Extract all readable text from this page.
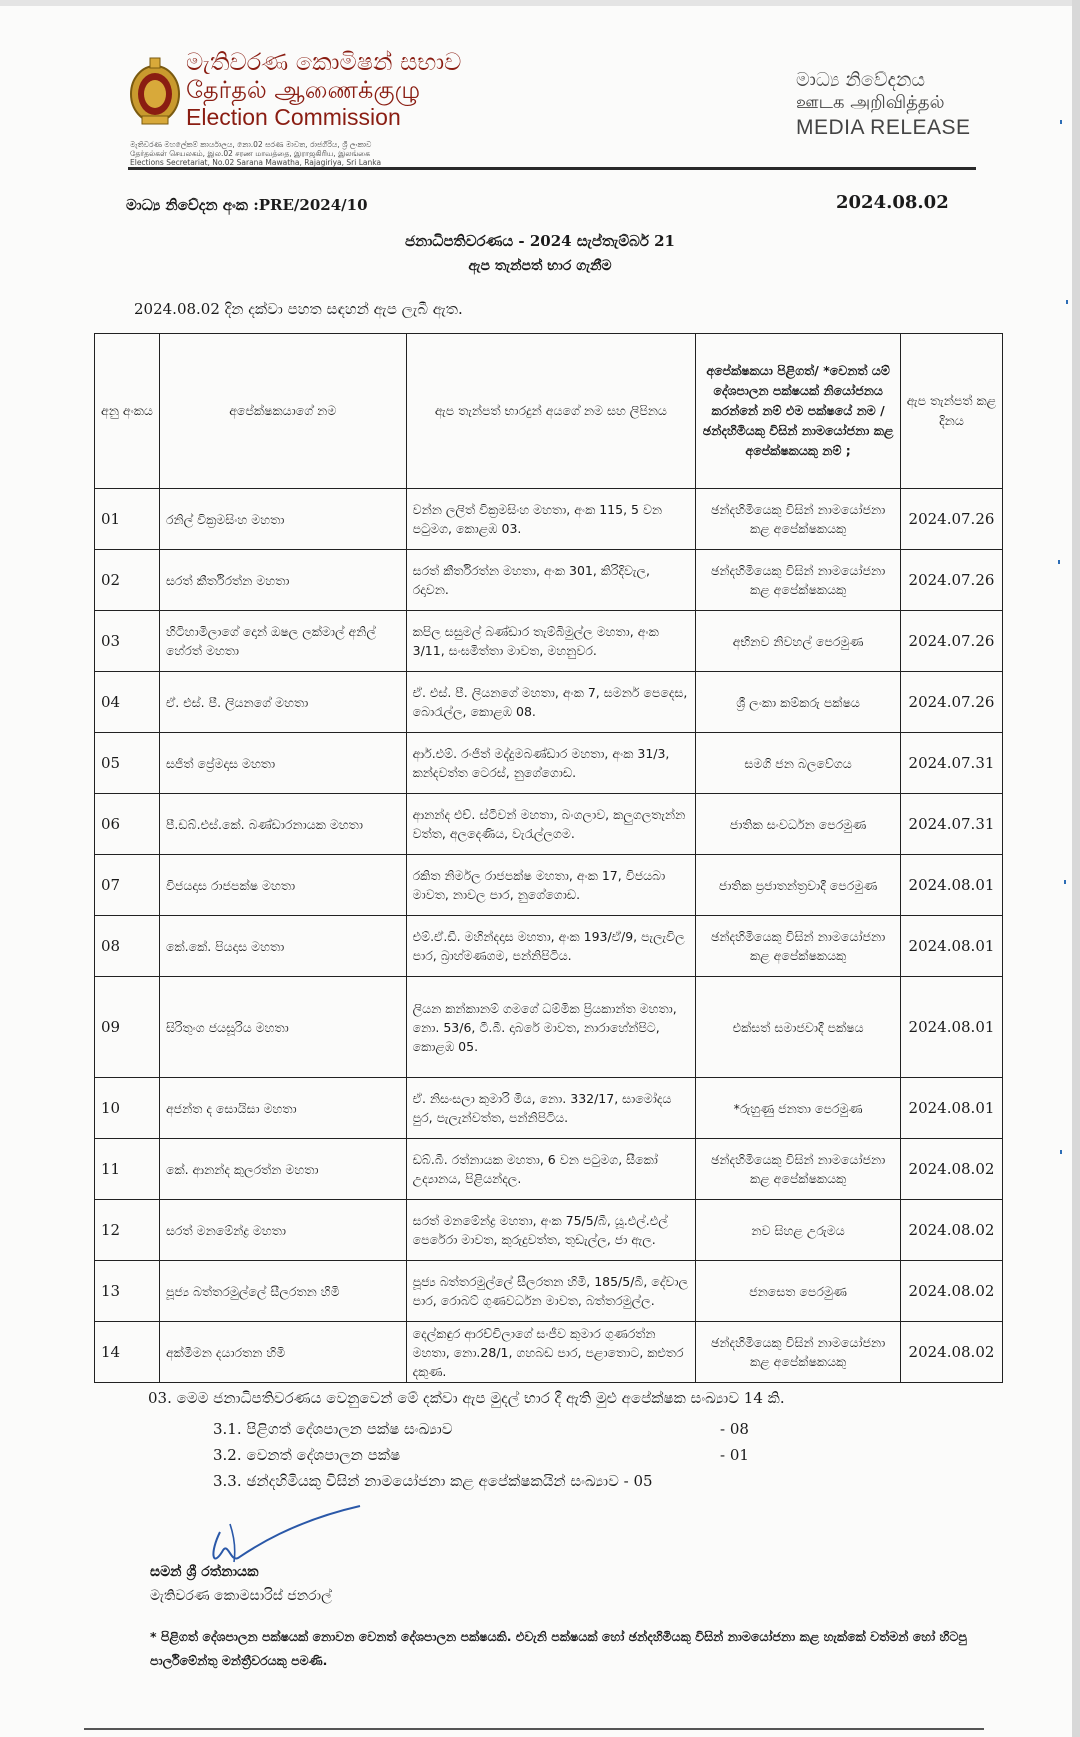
මැතිවරණ කොමිෂන් සභාව
தேர்தல் ஆணைக்குழு
Election Commission
මැතිවරණ මහලේකම් කාර්යාලය, නො.02 සරණ මාවත, රාජගිරිය, ශ්‍රී ලංකාව
தேர்தல்கள் செயலகம், இல.02 சரண மாவத்தை, இராஜகிரிய, இலங்கை
Elections Secretariat, No.02 Sarana Mawatha, Rajagiriya, Sri Lanka
මාධ්‍ය නිවේදනය
ஊடக அறிவித்தல்
MEDIA RELEASE
මාධ්‍ය නිවේදන අංක :PRE/2024/10	2024.08.02
ජනාධිපතිවරණය - 2024 සැප්තැම්බර් 21
ඇප තැන්පත් භාර ගැනීම
2024.08.02 දින දක්වා පහත සඳහන් ඇප ලැබී ඇත.
අනු අංකය	අපේක්ෂකයාගේ නම	ඇප තැන්පත් භාරදුන් අයගේ නම සහ ලිපිනය	අපේක්ෂකයා පිළිගත්/ *වෙනත් යම් දේශපාලන පක්ෂයක් නියෝජනය කරන්නේ නම් එම පක්ෂයේ නම / ඡන්දහිමියකු විසින් නාමයෝජනා කළ අපේක්ෂකයකු නම් ;	ඇප තැන්පත් කළ දිනය
01	රනිල් වික්‍රමසිංහ මහතා	වන්න ලලිත් වික්‍රමසිංහ මහතා, අංක 115, 5 වන පටුමග, කොළඹ 03.	ඡන්දහිමියෙකු විසින් නාමයෝජනා කළ අපේක්ෂකයකු	2024.07.26
02	සරත් කීර්තිරත්න මහතා	සරත් කීර්තිරත්න මහතා, අංක 301, කිරිදිවැල, රදාවන.	ඡන්දහිමියෙකු විසින් නාමයෝජනා කළ අපේක්ෂකයකු	2024.07.26
03	හිටිහාමිලාගේ දොන් ඔෂල ලක්මාල් අනිල් හේරත් මහතා	කපිල සසුමල් බණ්ඩාර තැම්බිමුල්ල මහතා, අංක 3/11, සංඝමිත්තා මාවත, මහනුවර.	අභිනව නිවහල් පෙරමුණ	2024.07.26
04	ඒ. එස්. පී. ලියනගේ මහතා	ඒ. එස්. පී. ලියනගේ මහතා, අංක 7, සමනර් පෙදෙස, බොරැල්ල, කොළඹ 08.	ශ්‍රී ලංකා කම්කරු පක්ෂය	2024.07.26
05	සජිත් ප්‍රේමදාස මහතා	ආර්.එම්. රංජිත් මද්දුමබණ්ඩාර මහතා, අංක 31/3, කන්දවත්ත ටෙරස්, නුගේගොඩ.	සමගි ජන බලවේගය	2024.07.31
06	පී.ඩබ්.එස්.කේ. බණ්ඩාරනායක මහතා	ආනන්ද එච්. ස්ටීවන් මහතා, බංගලාව, කලුගලතැන්න වත්ත, අලදෙණිය, වැරැල්ලගම.	ජාතික සංවර්ධන පෙරමුණ	2024.07.31
07	විජයදාස රාජපක්ෂ මහතා	රකිත නිර්මල රාජපක්ෂ මහතා, අංක 17, විජයබා මාවත, නාවල පාර, නුගේගොඩ.	ජාතික ප්‍රජාතන්ත්‍රවාදී පෙරමුණ	2024.08.01
08	කේ.කේ. පියදාස මහතා	එම්.ඒ.ඩී. මහින්දදාස මහතා, අංක 193/ඒ/9, පැලැවිල පාර, බ්‍රාහ්මණගම, පන්නිපිටිය.	ඡන්දහිමියෙකු විසින් නාමයෝජනා කළ අපේක්ෂකයකු	2024.08.01
09	සිරිතුංග ජයසූරිය මහතා	ලියන කන්කානම් ගමගේ ධම්මික ප්‍රියකාන්ත මහතා, නො. 53/6, ටී.බී. දාබරේ මාවත, නාරාහේන්පිට, කොළඹ 05.	එක්සත් සමාජවාදී පක්ෂය	2024.08.01
10	අජන්ත ද සොයිසා මහතා	ඒ. නිසංසලා කුමාරි මිය, නො. 332/17, සාමෝදය පුර, පැලැන්වත්ත, පන්නිපිටිය.	*රුහුණු ජනතා පෙරමුණ	2024.08.01
11	කේ. ආනන්ද කුලරත්න මහතා	ඩබ්.බී. රත්නායක මහතා, 6 වන පටුමග, සීකෝ උද්‍යානය, පිළියන්දල.	ඡන්දහිමියෙකු විසින් නාමයෝජනා කළ අපේක්ෂකයකු	2024.08.02
12	සරත් මනමේන්ද්‍ර මහතා	සරත් මනමේන්ද්‍ර මහතා, අංක 75/5/බී, යූ.එල්.එල් පෙරේරා මාවත, කුරුදුවත්ත, තුඩැල්ල, ජා ඇල.	නව සිහළ උරුමය	2024.08.02
13	පූජ්‍ය බත්තරමුල්ලේ සීලරතන හිමි	පූජ්‍ය බත්තරමුල්ලේ සීලරතන හිමි, 185/5/බී, දේවාල පාර, රොබට් ගුණවර්ධන මාවත, බත්තරමුල්ල.	ජනසෙත පෙරමුණ	2024.08.02
14	අක්මීමන දයාරතන හිමි	දෙල්කඳුර ආරච්චිලාගේ සංජීව කුමාර ගුණරත්න මහතා, නො.28/1, ගහබඩ පාර, පළාතොට, කළුතර දකුණ.	ඡන්දහිමියෙකු විසින් නාමයෝජනා කළ අපේක්ෂකයකු	2024.08.02
03. මෙම ජනාධිපතිවරණය වෙනුවෙන් මේ දක්වා ඇප මුදල් භාර දී ඇති මුළු අපේක්ෂක සංඛ්‍යාව 14 කි.
3.1. පිළිගත් දේශපාලන පක්ෂ සංඛ්‍යාව	- 08
3.2. වෙනත් දේශපාලන පක්ෂ	- 01
3.3. ඡන්දහිමියකු විසින් නාමයෝජනා කළ අපේක්ෂකයින් සංඛ්‍යාව - 05
සමන් ශ්‍රී රත්නායක
මැතිවරණ කොමසාරිස් ජනරාල්
* පිළිගත් දේශපාලන පක්ෂයක් නොවන වෙනත් දේශපාලන පක්ෂයකි. එවැනි පක්ෂයක් හෝ ඡන්දහිමියකු විසින් නාමයෝජනා කළ හැක්කේ වත්මන් හෝ හිටපු පාර්ලිමේන්තු මන්ත්‍රීවරයකු පමණි.
